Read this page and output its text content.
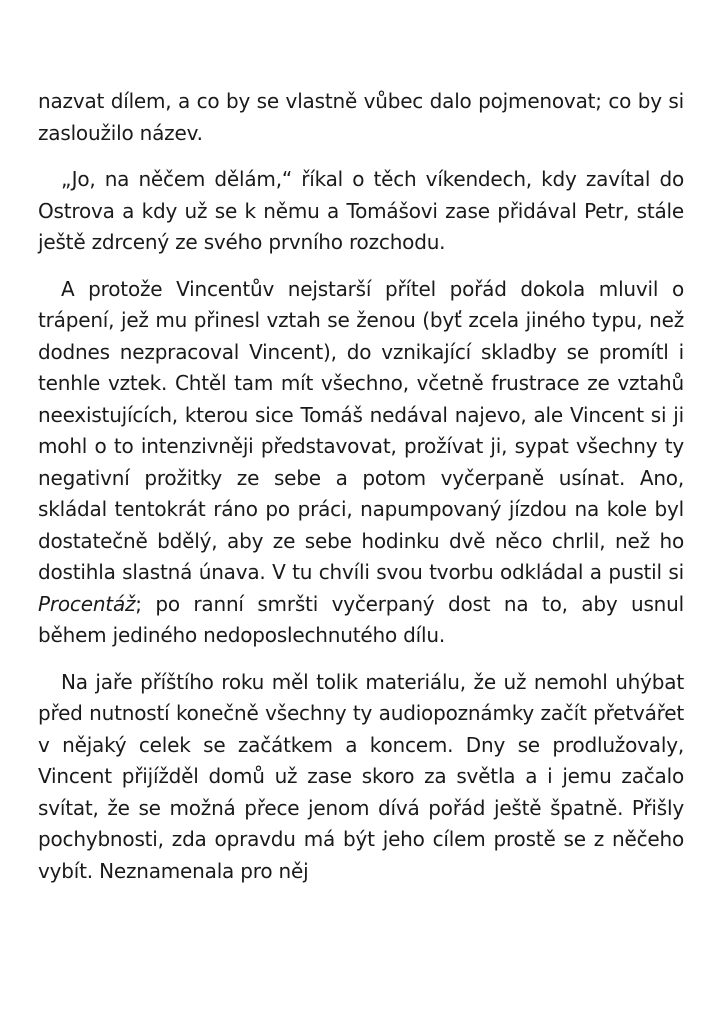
nazvat dílem, a co by se vlastně vůbec dalo pojmenovat; co by si zasloužilo název.

„Jo, na něčem dělám,“ říkal o těch víkendech, kdy zavítal do Ostrova a kdy už se k němu a Tomášovi zase přidával Petr, stále ještě zdrcený ze svého prvního rozchodu.

A protože Vincentův nejstarší přítel pořád dokola mluvil o trápení, jež mu přinesl vztah se ženou (byť zcela jiného typu, než dodnes nezpracoval Vincent), do vznikající skladby se promítl i tenhle vztek. Chtěl tam mít všechno, včetně frustrace ze vztahů neexistujících, kterou sice Tomáš nedával najevo, ale Vincent si ji mohl o to intenzivněji představovat, prožívat ji, sypat všechny ty negativní prožitky ze sebe a potom vyčerpaně usínat. Ano, skládal tentokrát ráno po práci, napumpovaný jízdou na kole byl dostatečně bdělý, aby ze sebe hodinku dvě něco chrlil, než ho dostihla slastná únava. V tu chvíli svou tvorbu odkládal a pustil si Procentáž; po ranní smršti vyčerpaný dost na to, aby usnul během jediného nedoposlechnutého dílu.

Na jaře příštího roku měl tolik materiálu, že už nemohl uhýbat před nutností konečně všechny ty audiopoznámky začít přetvářet v nějaký celek se začátkem a koncem. Dny se prodlužovaly, Vincent přijížděl domů už zase skoro za světla a i jemu začalo svítat, že se možná přece jenom dívá pořád ještě špatně. Přišly pochybnosti, zda opravdu má být jeho cílem prostě se z něčeho vybít. Neznamenala pro něj
